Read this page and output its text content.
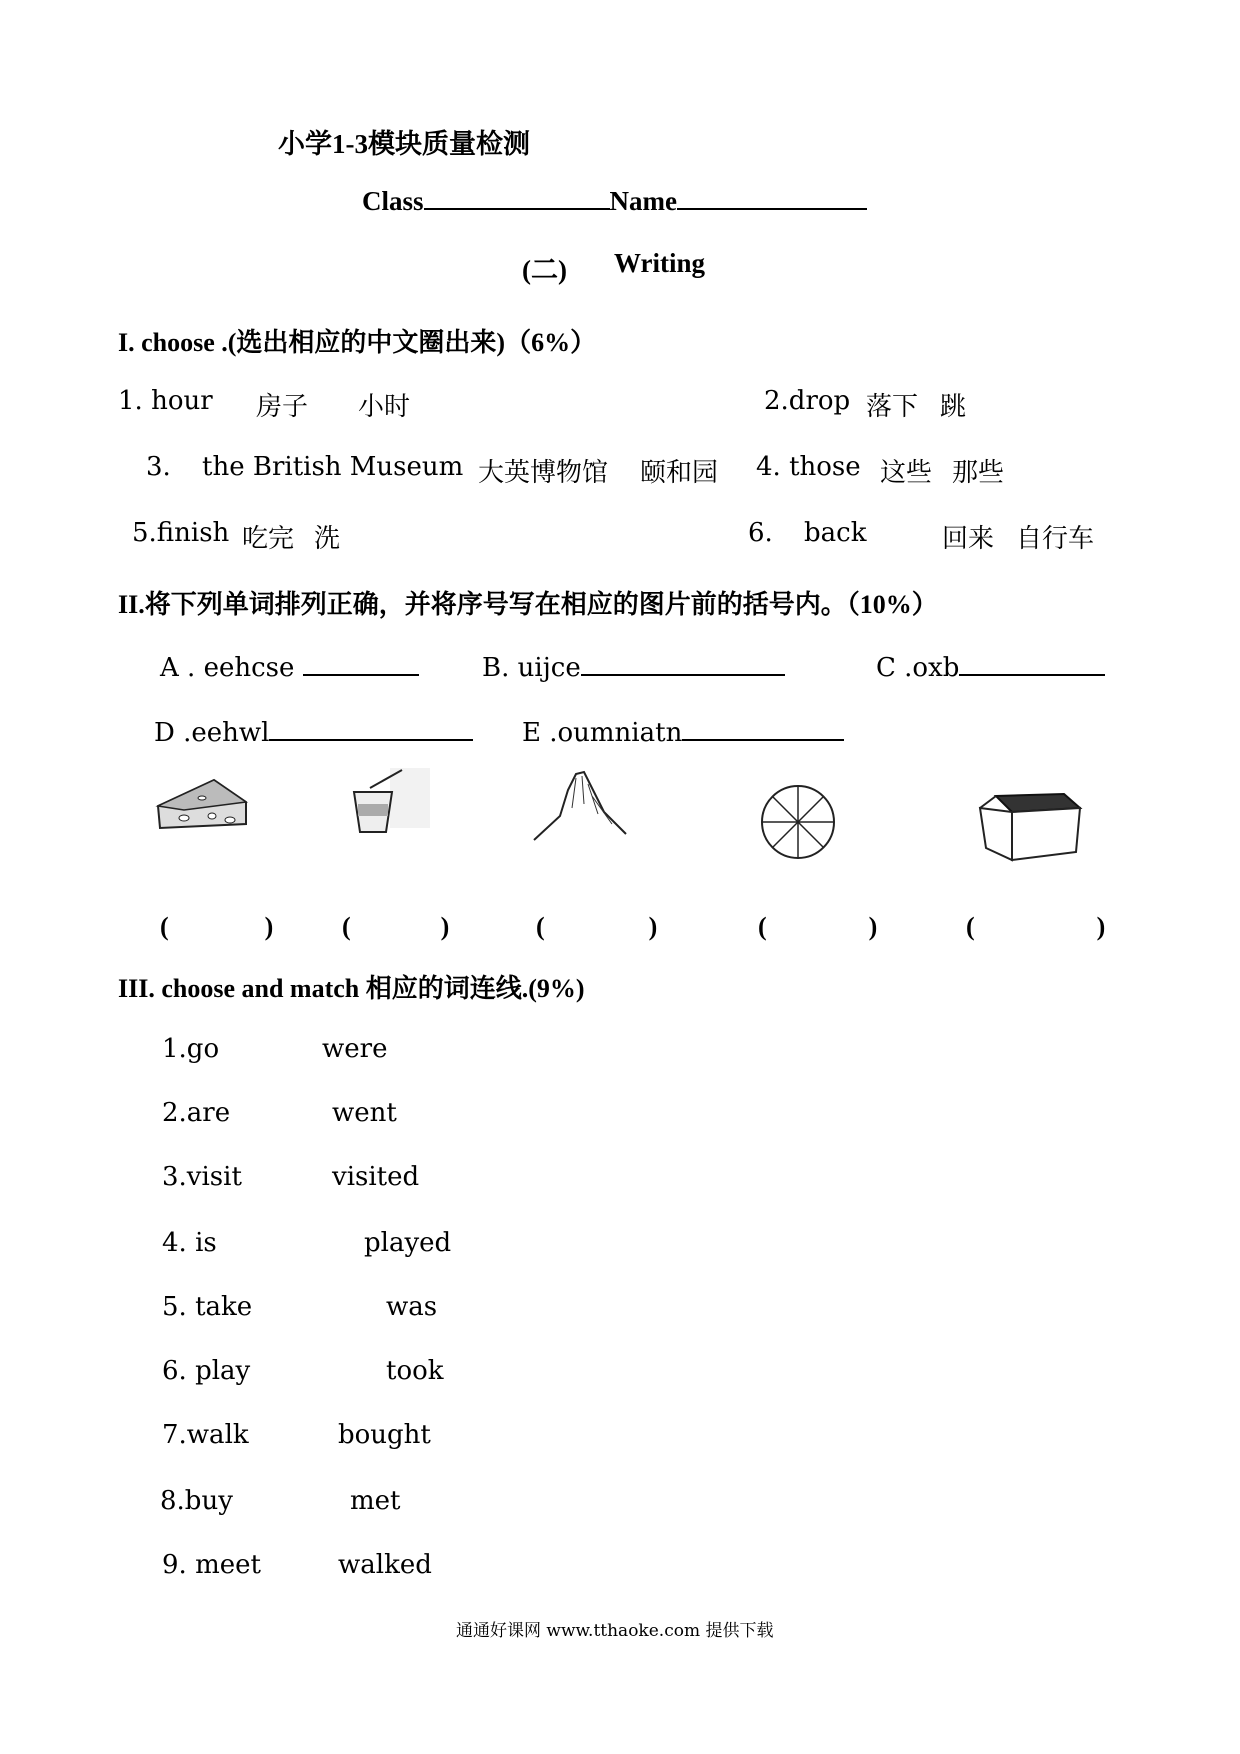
小学1-3模块质量检测
Class	Name
(二) Writing
I. choose .(选出相应的中文圈出来)（6%）
1. hour 房子 小时	2.drop 落下 跳
3. the British Museum 大英博物馆 颐和园 4. those 这些 那些
5.finish 吃完 洗	6. back	回来 自行车
II.将下列单词排列正确，并将序号写在相应的图片前的括号内。（10%）
A . eehcse	B. uijce	C .oxb
D .eehwl	E .oumniatn
(	)	(	)	(	)	(	)	(	)
III. choose and match 相应的词连线.(9%)
1.go	were
2.are	went
3.visit	visited
4. is	played
5. take	was
6. play	took
7.walk	bought
8.buy	met
9. meet	walked
通通好课网 www.tthaoke.com 提供下载
